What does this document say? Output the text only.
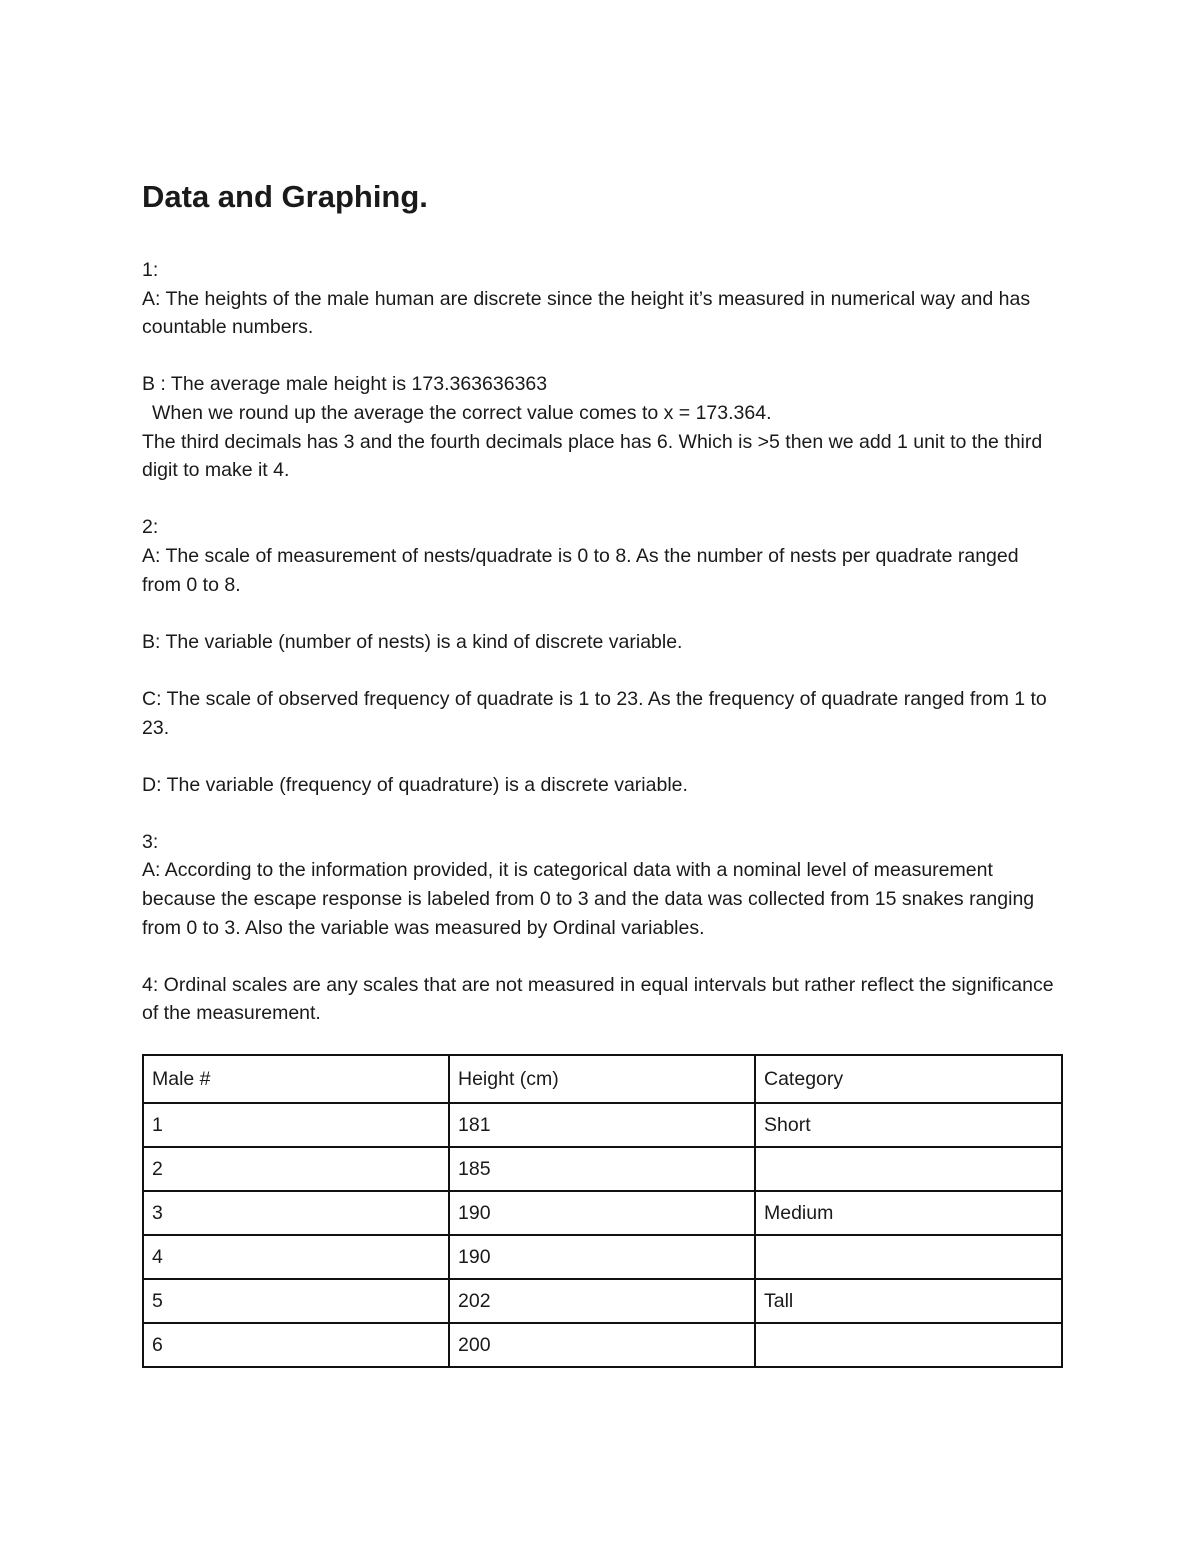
Data and Graphing.

1:

A: The heights of the male human are discrete since the height it’s measured in numerical way and has countable numbers.

B : The average male height is 173.363636363

When we round up the average the correct value comes to x = 173.364.

The third decimals has 3 and the fourth decimals place has 6. Which is >5 then we add 1 unit to the third digit to make it 4.

2:

A: The scale of measurement of nests/quadrate is 0 to 8. As the number of nests per quadrate ranged from 0 to 8.

B: The variable (number of nests) is a kind of discrete variable.

C: The scale of observed frequency of quadrate is 1 to 23. As the frequency of quadrate ranged from 1 to 23.

D: The variable (frequency of quadrature) is a discrete variable.

3:

A: According to the information provided, it is categorical data with a nominal level of measurement because the escape response is labeled from 0 to 3 and the data was collected from 15 snakes ranging from 0 to 3. Also the variable was measured by Ordinal variables.

4: Ordinal scales are any scales that are not measured in equal intervals but rather reflect the significance of the measurement.

Male #	Height (cm)	Category
1	181	Short
2	185	
3	190	Medium
4	190	
5	202	Tall
6	200	
